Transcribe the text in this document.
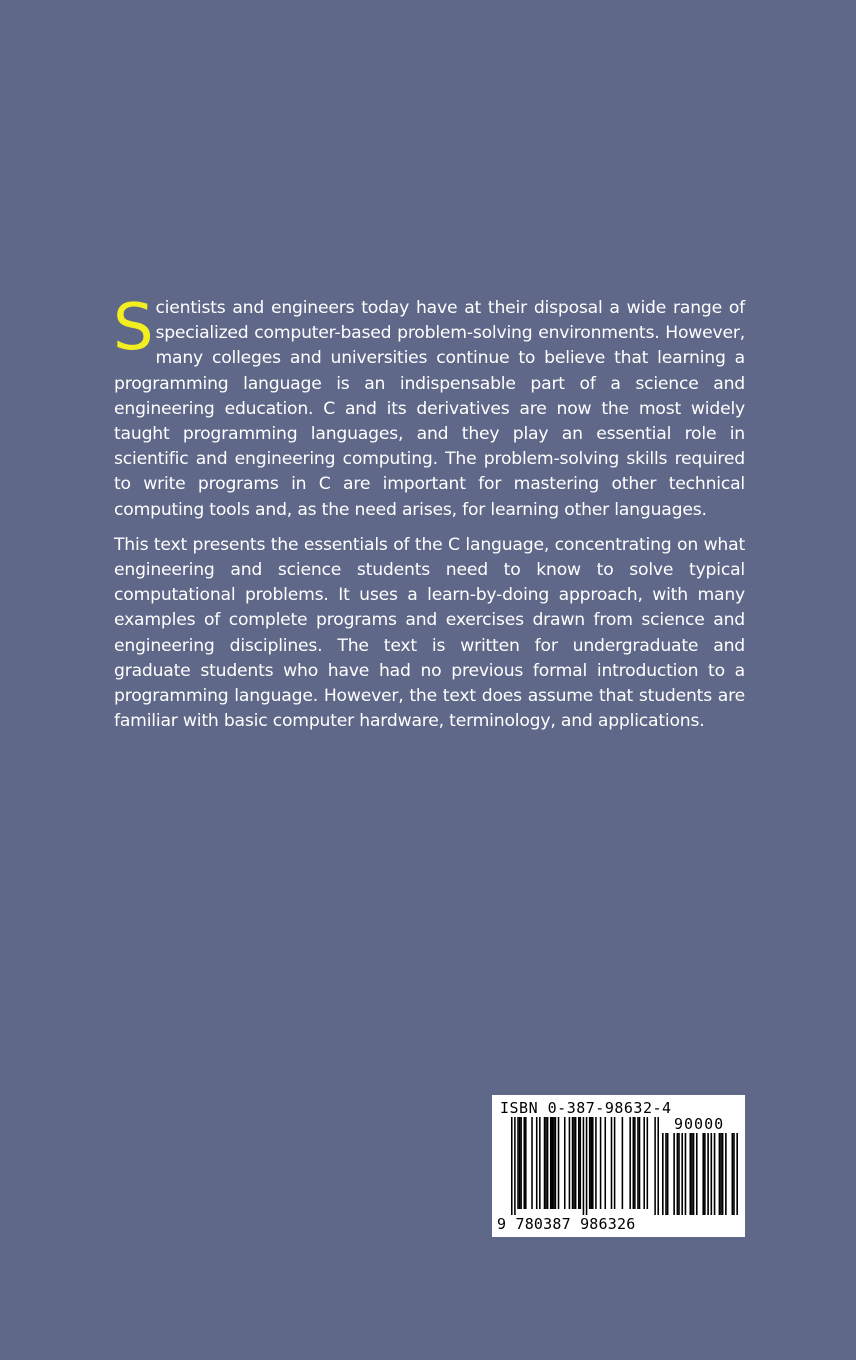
Scientists and engineers today have at their disposal a wide range of specialized computer-based problem-solving environments. However, many colleges and universities continue to believe that learning a programming language is an indispensable part of a science and engineering education. C and its derivatives are now the most widely taught programming languages, and they play an essential role in scientific and engineering computing. The problem-solving skills required to write programs in C are important for mastering other technical computing tools and, as the need arises, for learning other languages.

This text presents the essentials of the C language, concentrating on what engineering and science students need to know to solve typical computational problems. It uses a learn-by-doing approach, with many examples of complete programs and exercises drawn from science and engineering disciplines. The text is written for undergraduate and graduate students who have had no previous formal introduction to a programming language. However, the text does assume that students are familiar with basic computer hardware, terminology, and applications.

ISBN 0-387-98632-4
90000
9 780387 986326
